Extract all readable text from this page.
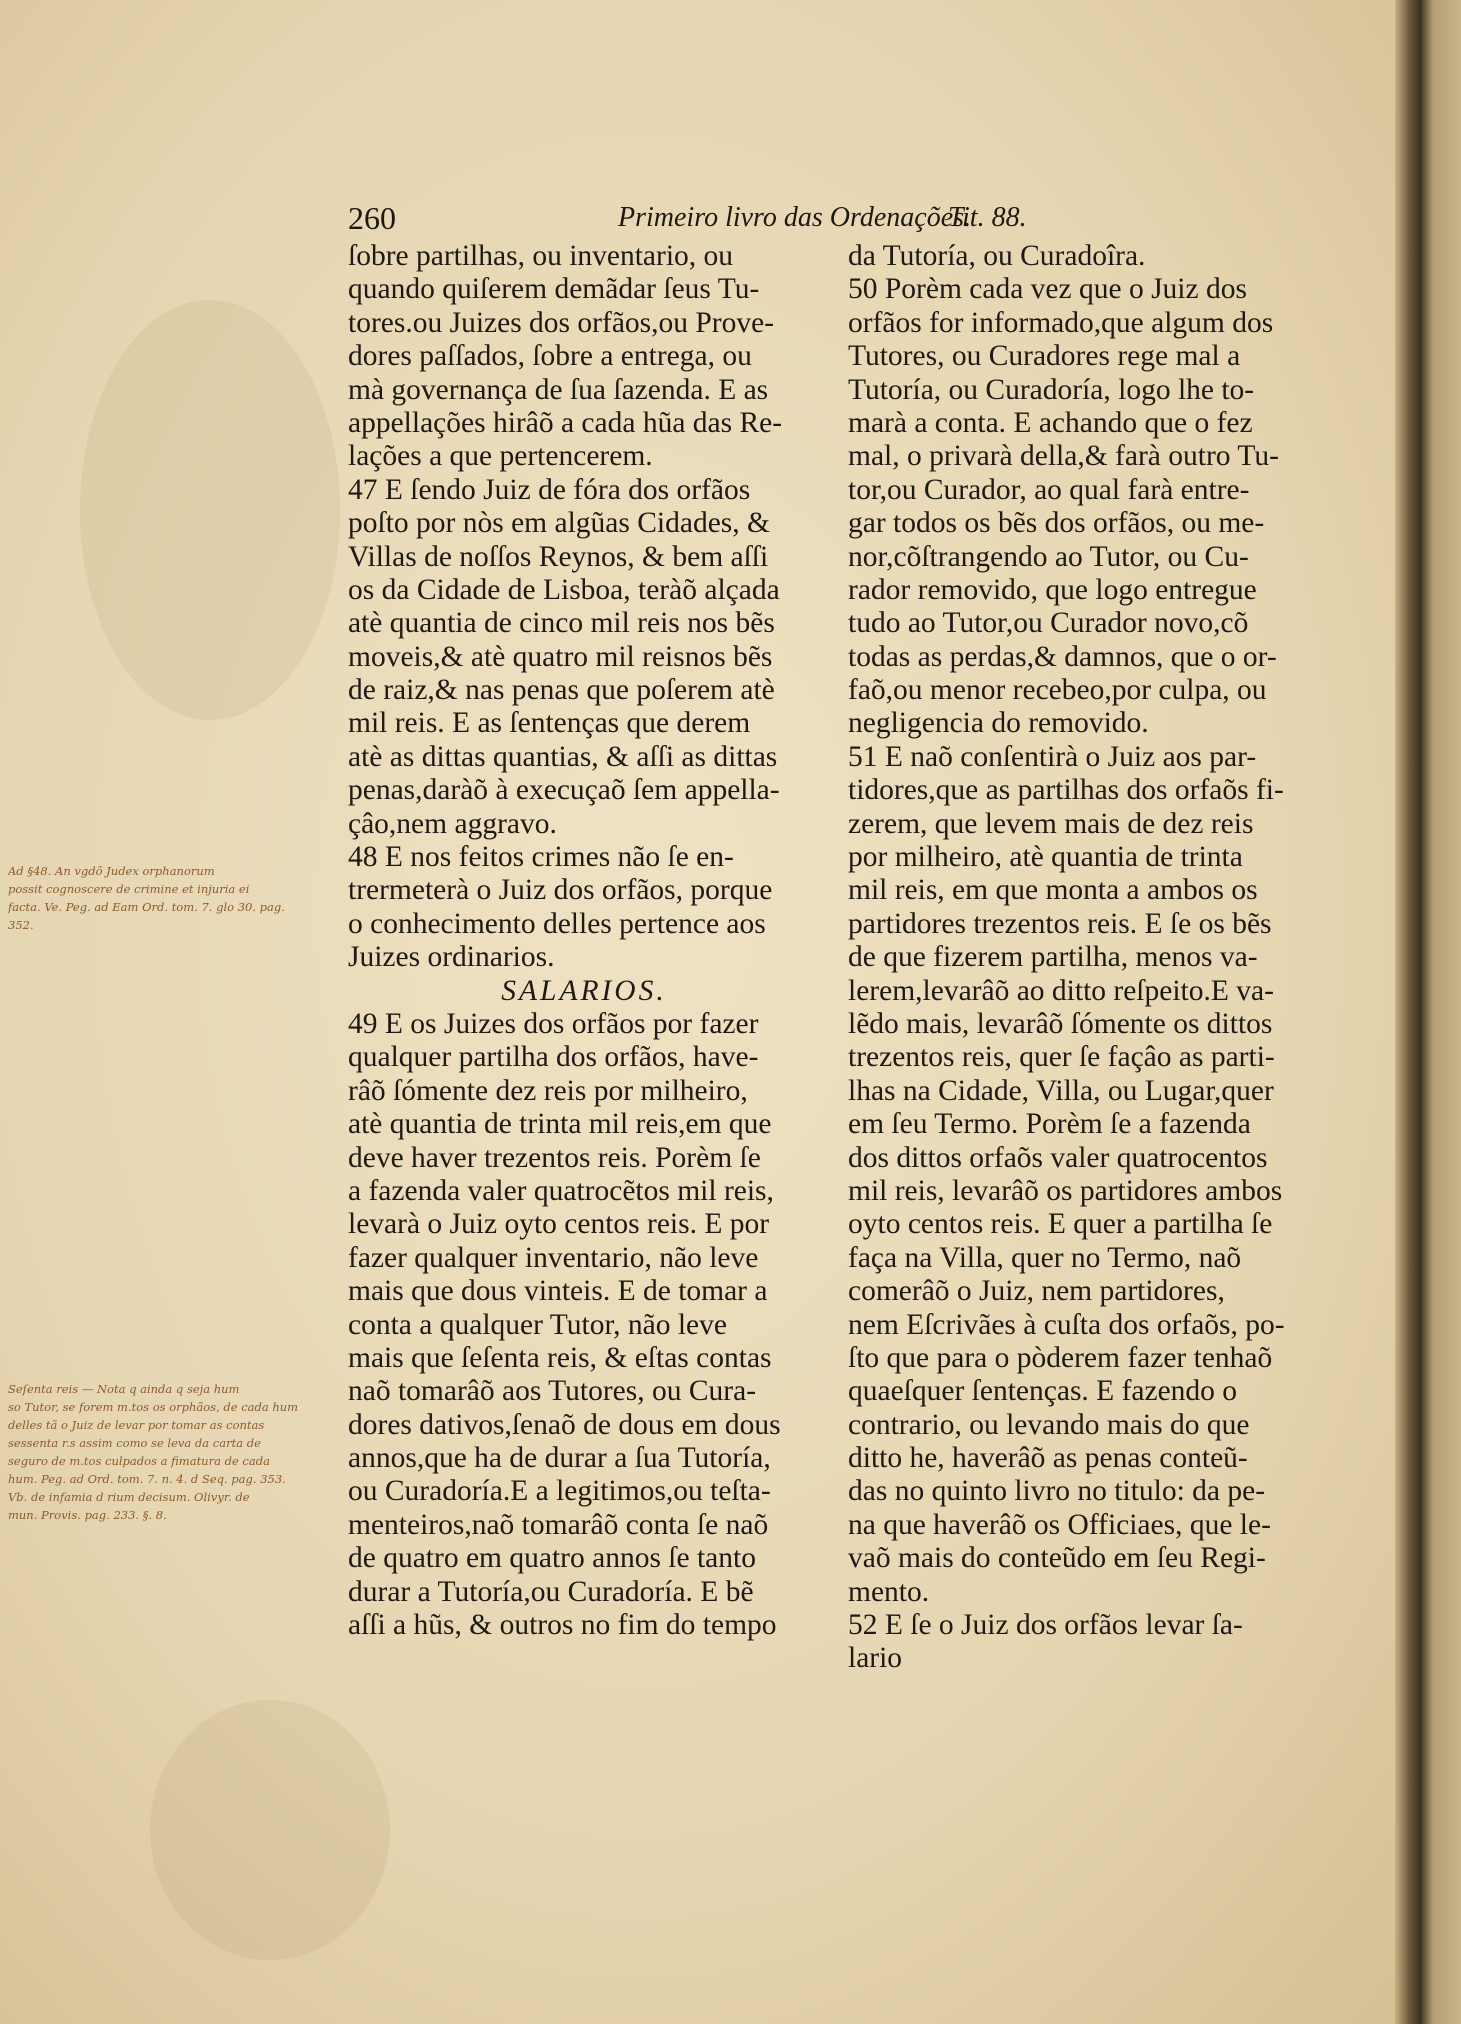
260	Primeiro livro das Ordenações.
Tit. 88.
ſobre partilhas, ou inventario, ou
quando quiſerem demãdar ſeus Tu-
tores.ou Juizes dos orfãos,ou Prove-
dores paſſados, ſobre a entrega, ou
mà governança de ſua ſazenda. E as
appellações hirâõ a cada hũa das Re-
lações a que pertencerem.
47 E ſendo Juiz de fóra dos orfãos
poſto por nòs em algũas Cidades, &
Villas de noſſos Reynos, & bem aſſi
os da Cidade de Lisboa, teràõ alçada
atè quantia de cinco mil reis nos bẽs
moveis,& atè quatro mil reisnos bẽs
de raiz,& nas penas que poſerem atè
mil reis. E as ſentenças que derem
atè as dittas quantias, & aſſi as dittas
penas,daràõ à execuçaõ ſem appella-
çâo,nem aggravo.
48 E nos feitos crimes não ſe en-
trermeterà o Juiz dos orfãos, porque
o conhecimento delles pertence aos
Juizes ordinarios.
SALARIOS.
49 E os Juizes dos orfãos por fazer
qualquer partilha dos orfãos, have-
râõ ſómente dez reis por milheiro,
atè quantia de trinta mil reis,em que
deve haver trezentos reis. Porèm ſe
a fazenda valer quatrocẽtos mil reis,
levarà o Juiz oyto centos reis. E por
fazer qualquer inventario, não leve
mais que dous vinteis. E de tomar a
conta a qualquer Tutor, não leve
mais que ſeſenta reis, & eſtas contas
naõ tomarâõ aos Tutores, ou Cura-
dores dativos,ſenaõ de dous em dous
annos,que ha de durar a ſua Tutoría,
ou Curadoría.E a legitimos,ou teſta-
menteiros,naõ tomarâõ conta ſe naõ
de quatro em quatro annos ſe tanto
durar a Tutoría,ou Curadoría. E bẽ
aſſi a hũs, & outros no fim do tempo
da Tutoría, ou Curadoîra.
50 Porèm cada vez que o Juiz dos
orfãos for informado,que algum dos
Tutores, ou Curadores rege mal a
Tutoría, ou Curadoría, logo lhe to-
marà a conta. E achando que o fez
mal, o privarà della,& farà outro Tu-
tor,ou Curador, ao qual farà entre-
gar todos os bẽs dos orfãos, ou me-
nor,cõſtrangendo ao Tutor, ou Cu-
rador removido, que logo entregue
tudo ao Tutor,ou Curador novo,cõ
todas as perdas,& damnos, que o or-
faõ,ou menor recebeo,por culpa, ou
negligencia do removido.
51 E naõ conſentirà o Juiz aos par-
tidores,que as partilhas dos orfaõs fi-
zerem, que levem mais de dez reis
por milheiro, atè quantia de trinta
mil reis, em que monta a ambos os
partidores trezentos reis. E ſe os bẽs
de que fizerem partilha, menos va-
lerem,levarâõ ao ditto reſpeito.E va-
lẽdo mais, levarâõ ſómente os dittos
trezentos reis, quer ſe façâo as parti-
lhas na Cidade, Villa, ou Lugar,quer
em ſeu Termo. Porèm ſe a fazenda
dos dittos orfaõs valer quatrocentos
mil reis, levarâõ os partidores ambos
oyto centos reis. E quer a partilha ſe
faça na Villa, quer no Termo, naõ
comerâõ o Juiz, nem partidores,
nem Eſcrivães à cuſta dos orfaõs, po-
ſto que para o pòderem fazer tenhaõ
quaeſquer ſentenças. E fazendo o
contrario, ou levando mais do que
ditto he, haverâõ as penas conteũ-
das no quinto livro no titulo: da pe-
na que haverâõ os Officiaes, que le-
vaõ mais do conteũdo em ſeu Regi-
mento.
52 E ſe o Juiz dos orfãos levar ſa-
lario
Ad §48. An vgdõ Judex orphanorum
possit cognoscere de crimine et injuria ei
facta. Ve. Peg. ad Eam Ord. tom. 7. glo 30. pag.
352.
Seſenta reis — Nota q ainda q seja hum
so Tutor, se forem m.tos os orphãos, de cada hum
delles tã o Juiz de levar por tomar as contas
sessenta r.s assim como se leva da carta de
seguro de m.tos culpados a fimatura de cada
hum. Peg. ad Ord. tom. 7. n. 4. d Seq. pag. 353.
Vb. de infamia d rium decisum. Olivyr. de
mun. Provis. pag. 233. §. 8.
